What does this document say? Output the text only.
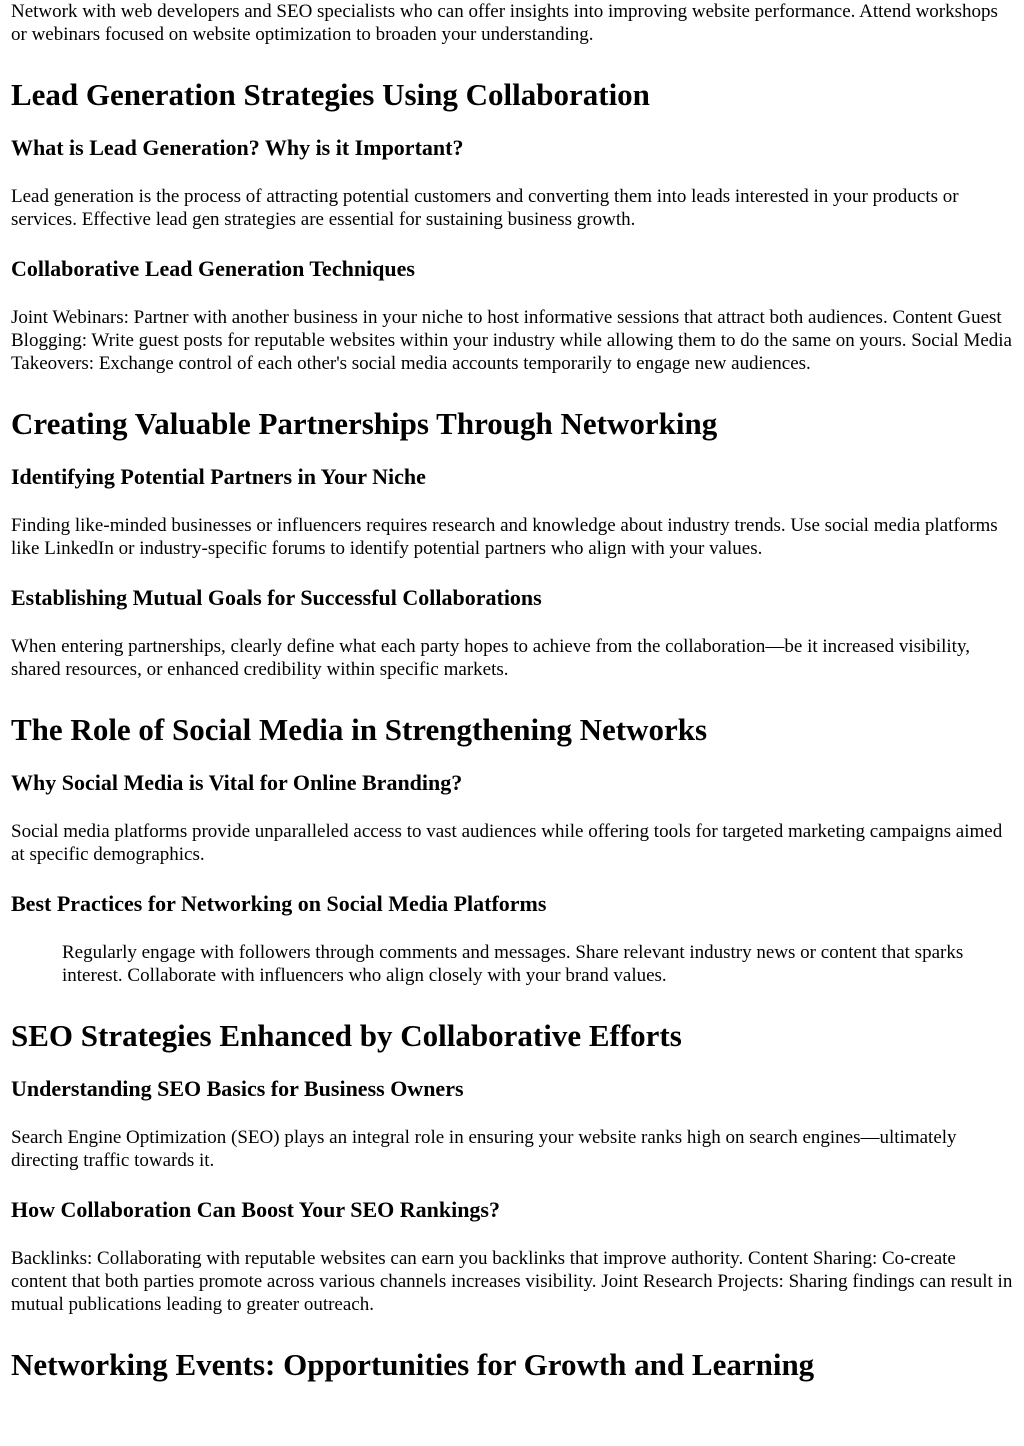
Network with web developers and SEO specialists who can offer insights into improving website performance. Attend workshops or webinars focused on website optimization to broaden your understanding.

Lead Generation Strategies Using Collaboration
What is Lead Generation? Why is it Important?

Lead generation is the process of attracting potential customers and converting them into leads interested in your products or services. Effective lead gen strategies are essential for sustaining business growth.

Collaborative Lead Generation Techniques

Joint Webinars: Partner with another business in your niche to host informative sessions that attract both audiences. Content Guest Blogging: Write guest posts for reputable websites within your industry while allowing them to do the same on yours. Social Media Takeovers: Exchange control of each other's social media accounts temporarily to engage new audiences.

Creating Valuable Partnerships Through Networking
Identifying Potential Partners in Your Niche

Finding like-minded businesses or influencers requires research and knowledge about industry trends. Use social media platforms like LinkedIn or industry-specific forums to identify potential partners who align with your values.

Establishing Mutual Goals for Successful Collaborations

When entering partnerships, clearly define what each party hopes to achieve from the collaboration—be it increased visibility, shared resources, or enhanced credibility within specific markets.

The Role of Social Media in Strengthening Networks
Why Social Media is Vital for Online Branding?

Social media platforms provide unparalleled access to vast audiences while offering tools for targeted marketing campaigns aimed at specific demographics.

Best Practices for Networking on Social Media Platforms
Regularly engage with followers through comments and messages. Share relevant industry news or content that sparks interest. Collaborate with influencers who align closely with your brand values.
SEO Strategies Enhanced by Collaborative Efforts
Understanding SEO Basics for Business Owners

Search Engine Optimization (SEO) plays an integral role in ensuring your website ranks high on search engines—ultimately directing traffic towards it.

How Collaboration Can Boost Your SEO Rankings?

Backlinks: Collaborating with reputable websites can earn you backlinks that improve authority. Content Sharing: Co-create content that both parties promote across various channels increases visibility. Joint Research Projects: Sharing findings can result in mutual publications leading to greater outreach.

Networking Events: Opportunities for Growth and Learning
